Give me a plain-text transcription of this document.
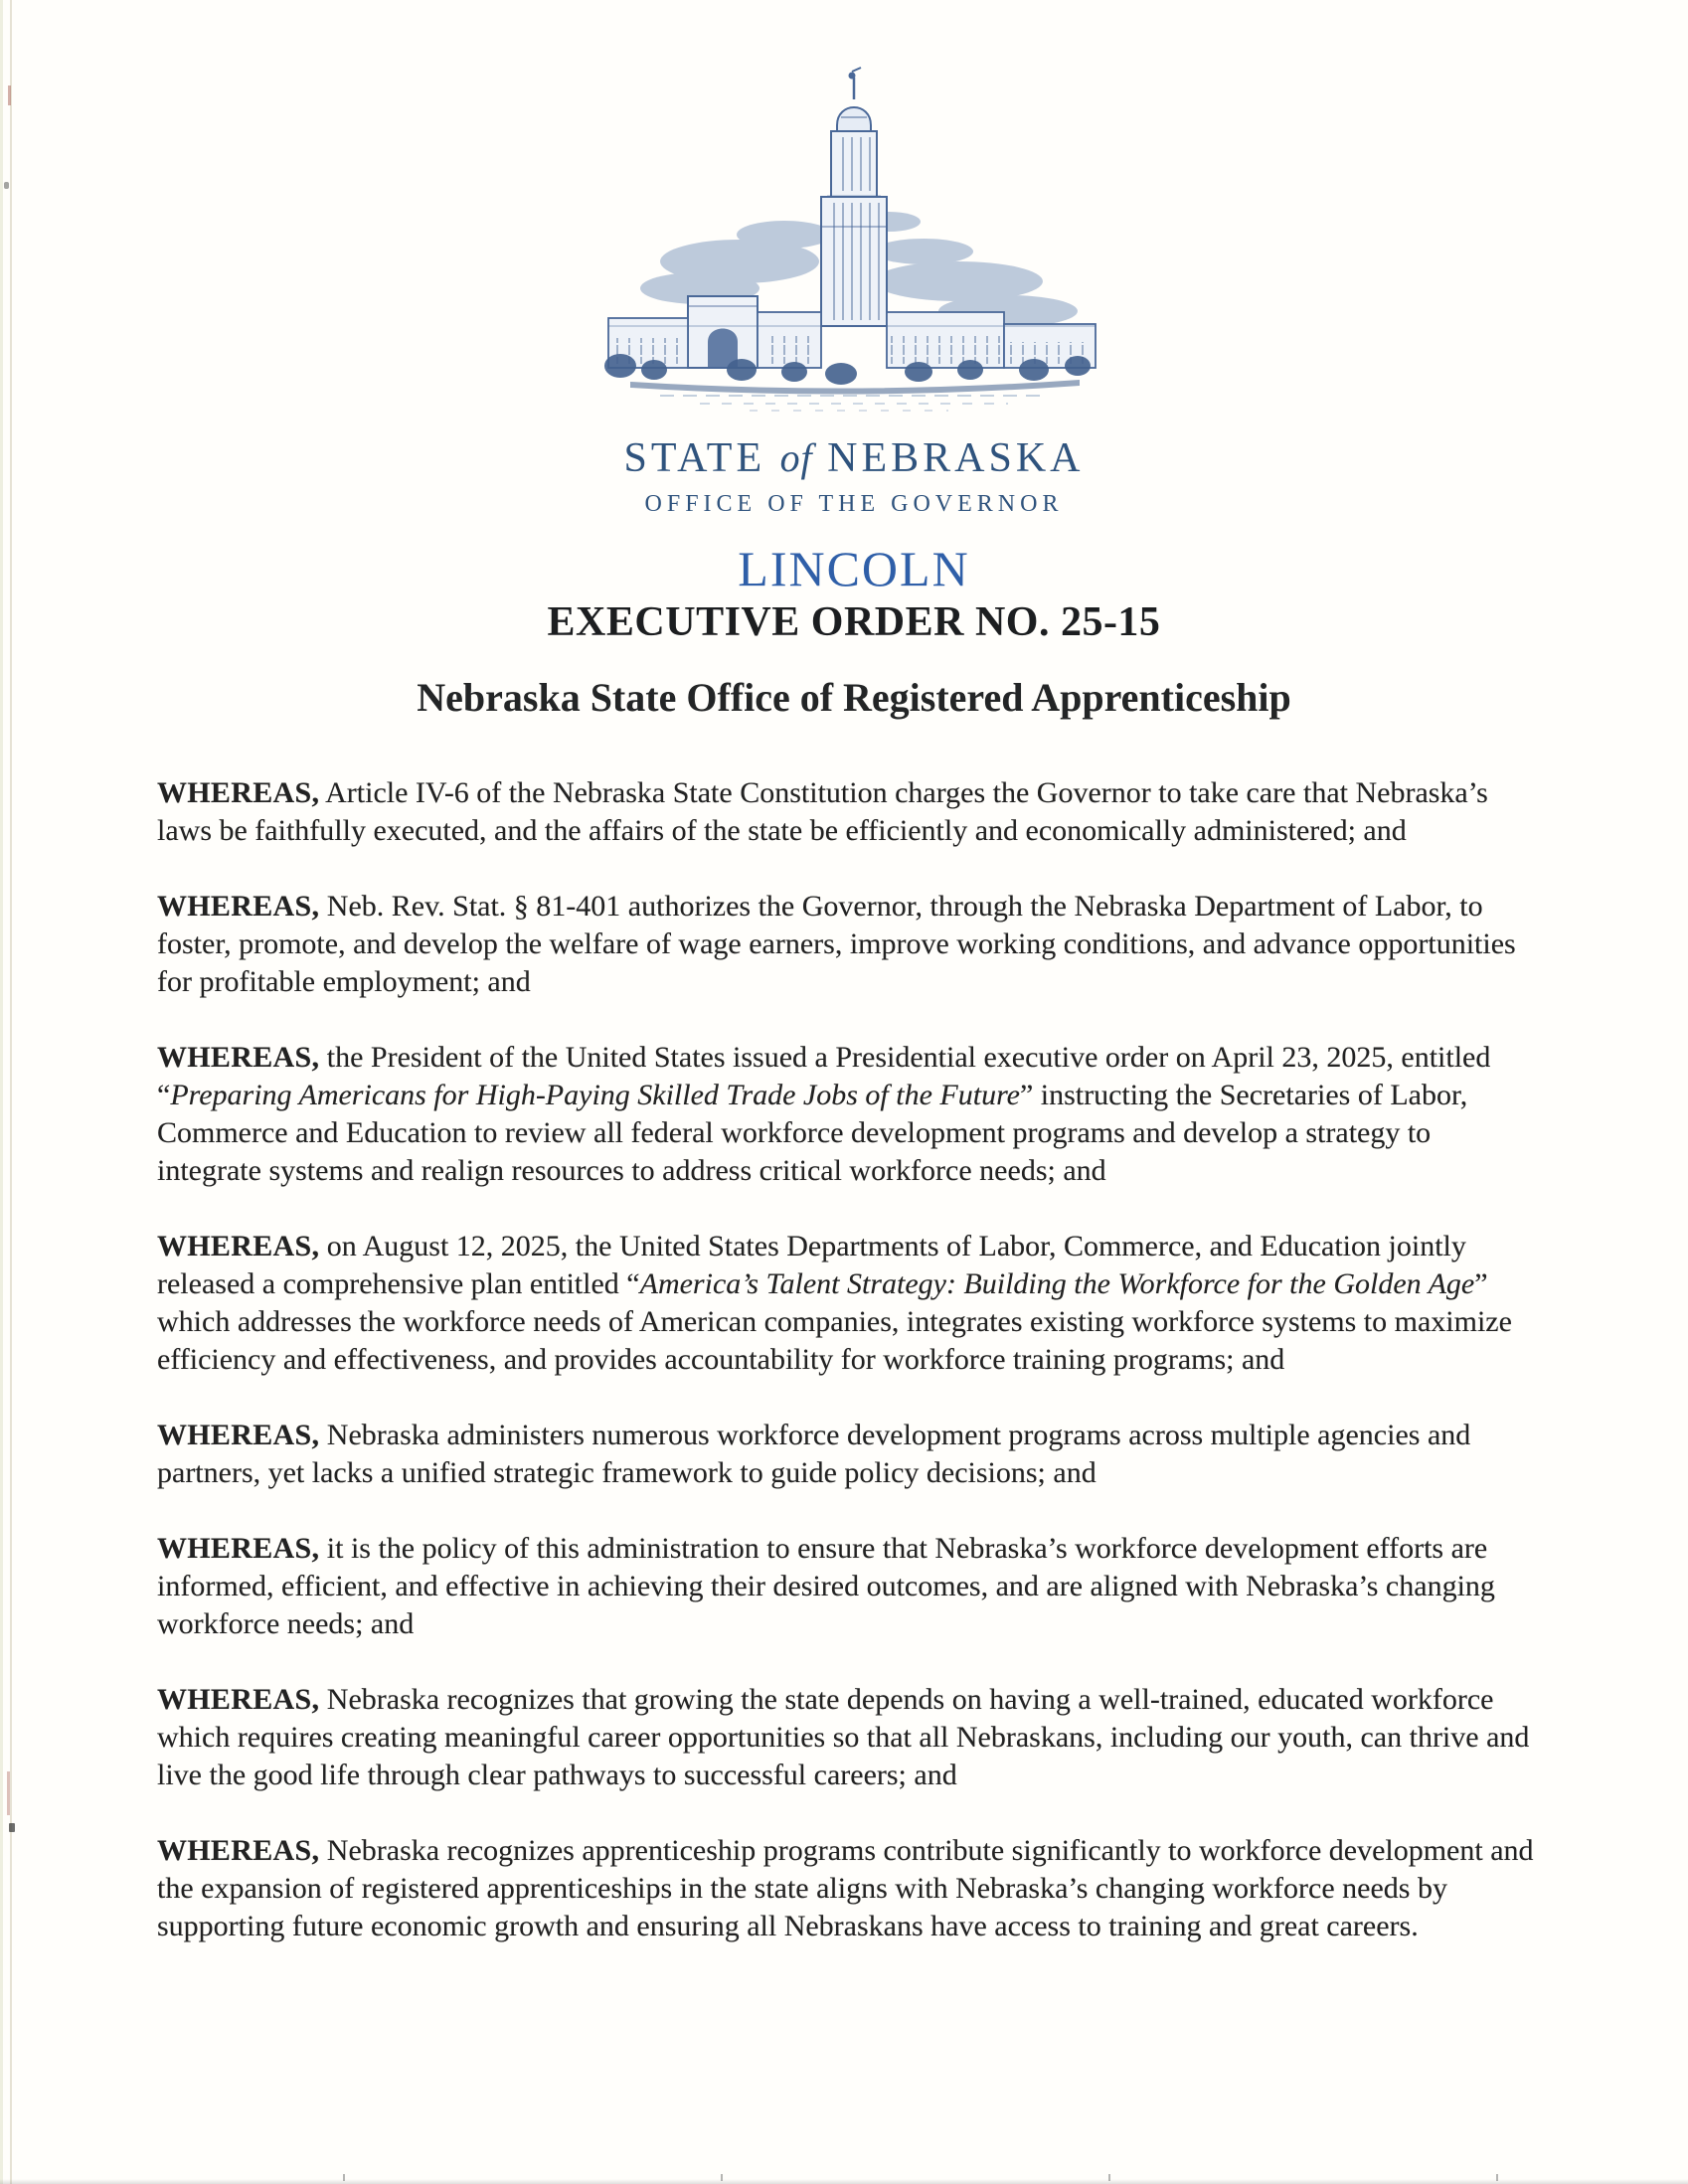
STATE of NEBRASKA
OFFICE OF THE GOVERNOR
LINCOLN
EXECUTIVE ORDER NO. 25-15
Nebraska State Office of Registered Apprenticeship

WHEREAS, Article IV-6 of the Nebraska State Constitution charges the Governor to take care that Nebraska’s laws be faithfully executed, and the affairs of the state be efficiently and economically administered; and

WHEREAS, Neb. Rev. Stat. § 81-401 authorizes the Governor, through the Nebraska Department of Labor, to foster, promote, and develop the welfare of wage earners, improve working conditions, and advance opportunities for profitable employment; and

WHEREAS, the President of the United States issued a Presidential executive order on April 23, 2025, entitled “Preparing Americans for High-Paying Skilled Trade Jobs of the Future” instructing the Secretaries of Labor, Commerce and Education to review all federal workforce development programs and develop a strategy to integrate systems and realign resources to address critical workforce needs; and

WHEREAS, on August 12, 2025, the United States Departments of Labor, Commerce, and Education jointly released a comprehensive plan entitled “America’s Talent Strategy: Building the Workforce for the Golden Age” which addresses the workforce needs of American companies, integrates existing workforce systems to maximize efficiency and effectiveness, and provides accountability for workforce training programs; and

WHEREAS, Nebraska administers numerous workforce development programs across multiple agencies and partners, yet lacks a unified strategic framework to guide policy decisions; and

WHEREAS, it is the policy of this administration to ensure that Nebraska’s workforce development efforts are informed, efficient, and effective in achieving their desired outcomes, and are aligned with Nebraska’s changing workforce needs; and

WHEREAS, Nebraska recognizes that growing the state depends on having a well-trained, educated workforce which requires creating meaningful career opportunities so that all Nebraskans, including our youth, can thrive and live the good life through clear pathways to successful careers; and

WHEREAS, Nebraska recognizes apprenticeship programs contribute significantly to workforce development and the expansion of registered apprenticeships in the state aligns with Nebraska’s changing workforce needs by supporting future economic growth and ensuring all Nebraskans have access to training and great careers.
